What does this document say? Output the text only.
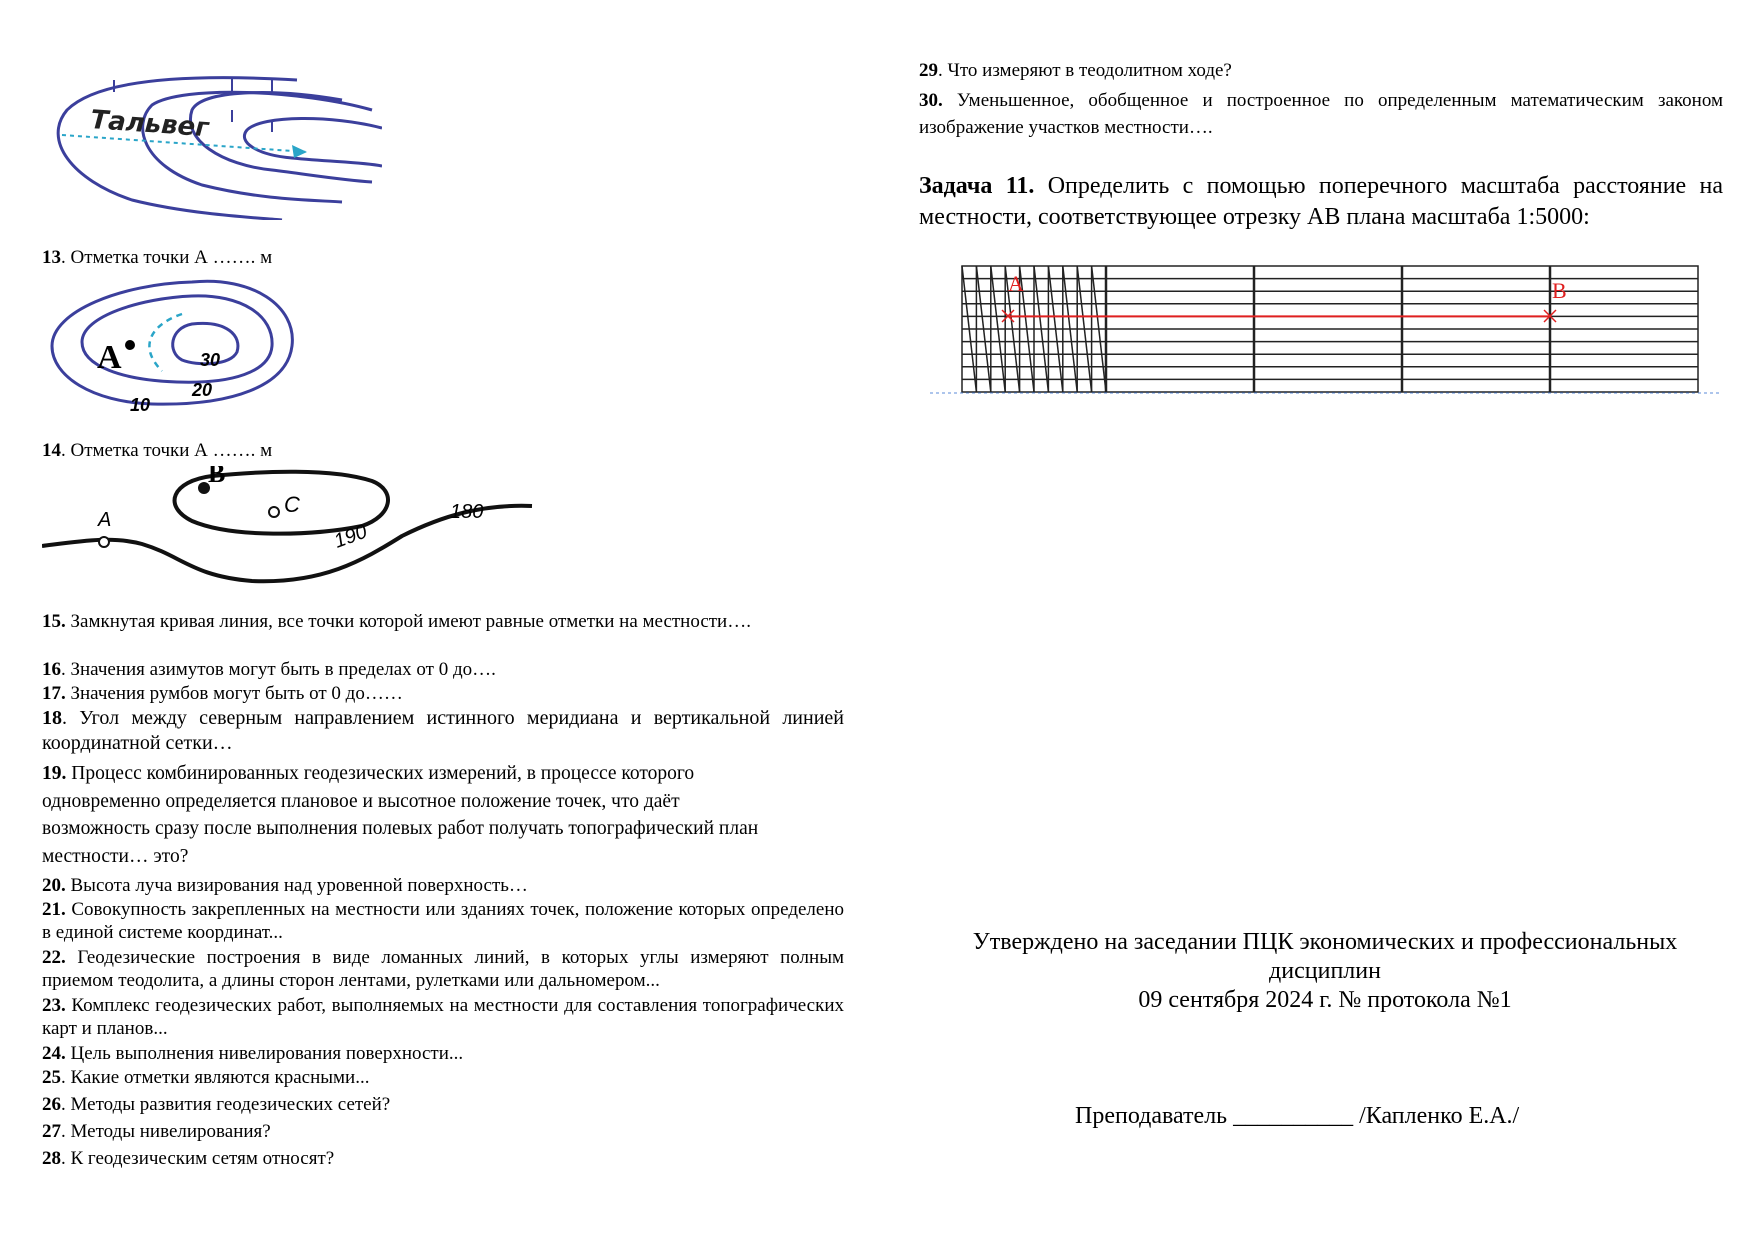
Тальвег
13. Отметка точки А ……. м
A	30
20
10
14. Отметка точки А ……. м
A
B
C
190
180
15. Замкнутая кривая линия, все точки которой имеют равные отметки на местности….
16. Значения азимутов могут быть в пределах от 0 до….
17. Значения румбов могут быть от 0 до……
18. Угол между северным направлением истинного меридиана и вертикальной линией координатной сетки…
19. Процесс комбинированных геодезических измерений, в процессе которого
одновременно определяется плановое и высотное положение точек, что даёт
возможность сразу после выполнения полевых работ получать топографический план
местности… это?
20. Высота луча визирования над уровенной поверхность…
21. Совокупность закрепленных на местности или зданиях точек, положение которых определено в единой системе координат...
22. Геодезические построения в виде ломанных линий, в которых углы измеряют полным приемом теодолита, а длины сторон лентами, рулетками или дальномером...
23. Комплекс геодезических работ, выполняемых на местности для составления топографических карт и планов...
24. Цель выполнения нивелирования поверхности...
25. Какие отметки являются красными...
26. Методы развития геодезических сетей?
27. Методы нивелирования?
28. К геодезическим сетям относят?
29. Что измеряют в теодолитном ходе?
30. Уменьшенное, обобщенное и построенное по определенным математическим законом изображение участков местности….
Задача 11. Определить с помощью поперечного масштаба расстояние на местности, соответствующее отрезку АВ плана масштаба 1:5000:
A	B
Утверждено на заседании ПЦК экономических и профессиональных дисциплин
09 сентября 2024 г. № протокола №1
Преподаватель __________ /Капленко Е.А./
